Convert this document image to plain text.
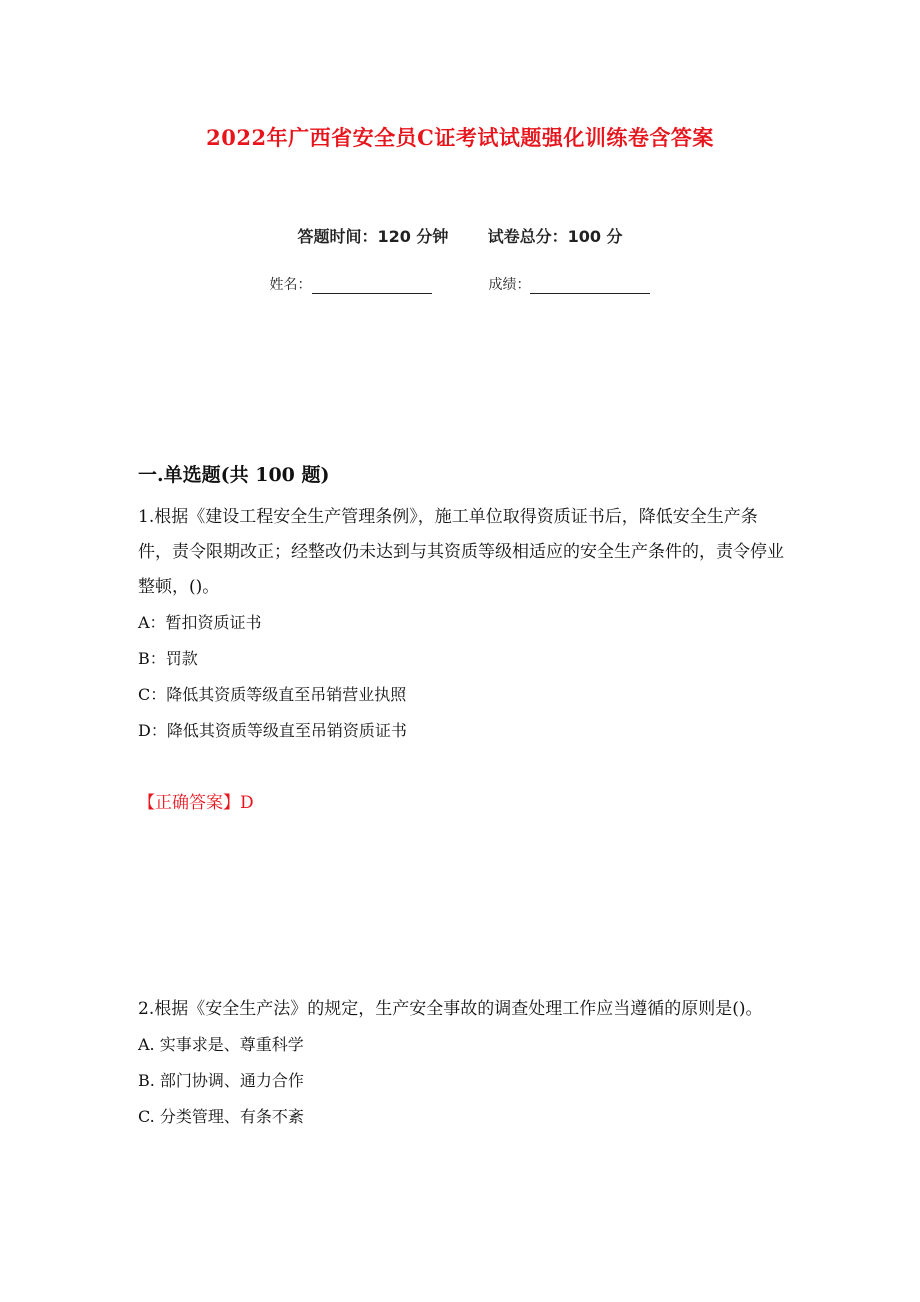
2022年广西省安全员C证考试试题强化训练卷含答案
答题时间：120 分钟 试卷总分：100 分
姓名：	成绩：
一.单选题(共 100 题)

1.根据《建设工程安全生产管理条例》，施工单位取得资质证书后，降低安全生产条件，责令限期改正；经整改仍未达到与其资质等级相适应的安全生产条件的，责令停业整顿，()。

A：暂扣资质证书
B：罚款
C：降低其资质等级直至吊销营业执照
D：降低其资质等级直至吊销资质证书
【正确答案】D

2.根据《安全生产法》的规定，生产安全事故的调查处理工作应当遵循的原则是()。

A. 实事求是、尊重科学
B. 部门协调、通力合作
C. 分类管理、有条不紊
